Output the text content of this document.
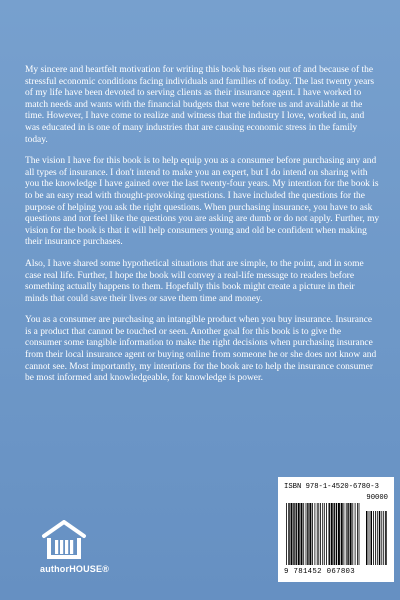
My sincere and heartfelt motivation for writing this book has risen out of and because of the stressful economic conditions facing individuals and families of today. The last twenty years of my life have been devoted to serving clients as their insurance agent. I have worked to match needs and wants with the financial budgets that were before us and available at the time. However, I have come to realize and witness that the industry I love, worked in, and was educated in is one of many industries that are causing economic stress in the family today.

The vision I have for this book is to help equip you as a consumer before purchasing any and all types of insurance. I don't intend to make you an expert, but I do intend on sharing with you the knowledge I have gained over the last twenty-four years. My intention for the book is to be an easy read with thought-provoking questions. I have included the questions for the purpose of helping you ask the right questions. When purchasing insurance, you have to ask questions and not feel like the questions you are asking are dumb or do not apply. Further, my vision for the book is that it will help consumers young and old be confident when making their insurance purchases.

Also, I have shared some hypothetical situations that are simple, to the point, and in some case real life. Further, I hope the book will convey a real-life message to readers before something actually happens to them. Hopefully this book might create a picture in their minds that could save their lives or save them time and money.

You as a consumer are purchasing an intangible product when you buy insurance. Insurance is a product that cannot be touched or seen. Another goal for this book is to give the consumer some tangible information to make the right decisions when purchasing insurance from their local insurance agent or buying online from someone he or she does not know and cannot see. Most importantly, my intentions for the book are to help the insurance consumer be most informed and knowledgeable, for knowledge is power.

authorHOUSE®
ISBN 978-1-4520-6780-3
90000
9 781452 067803
